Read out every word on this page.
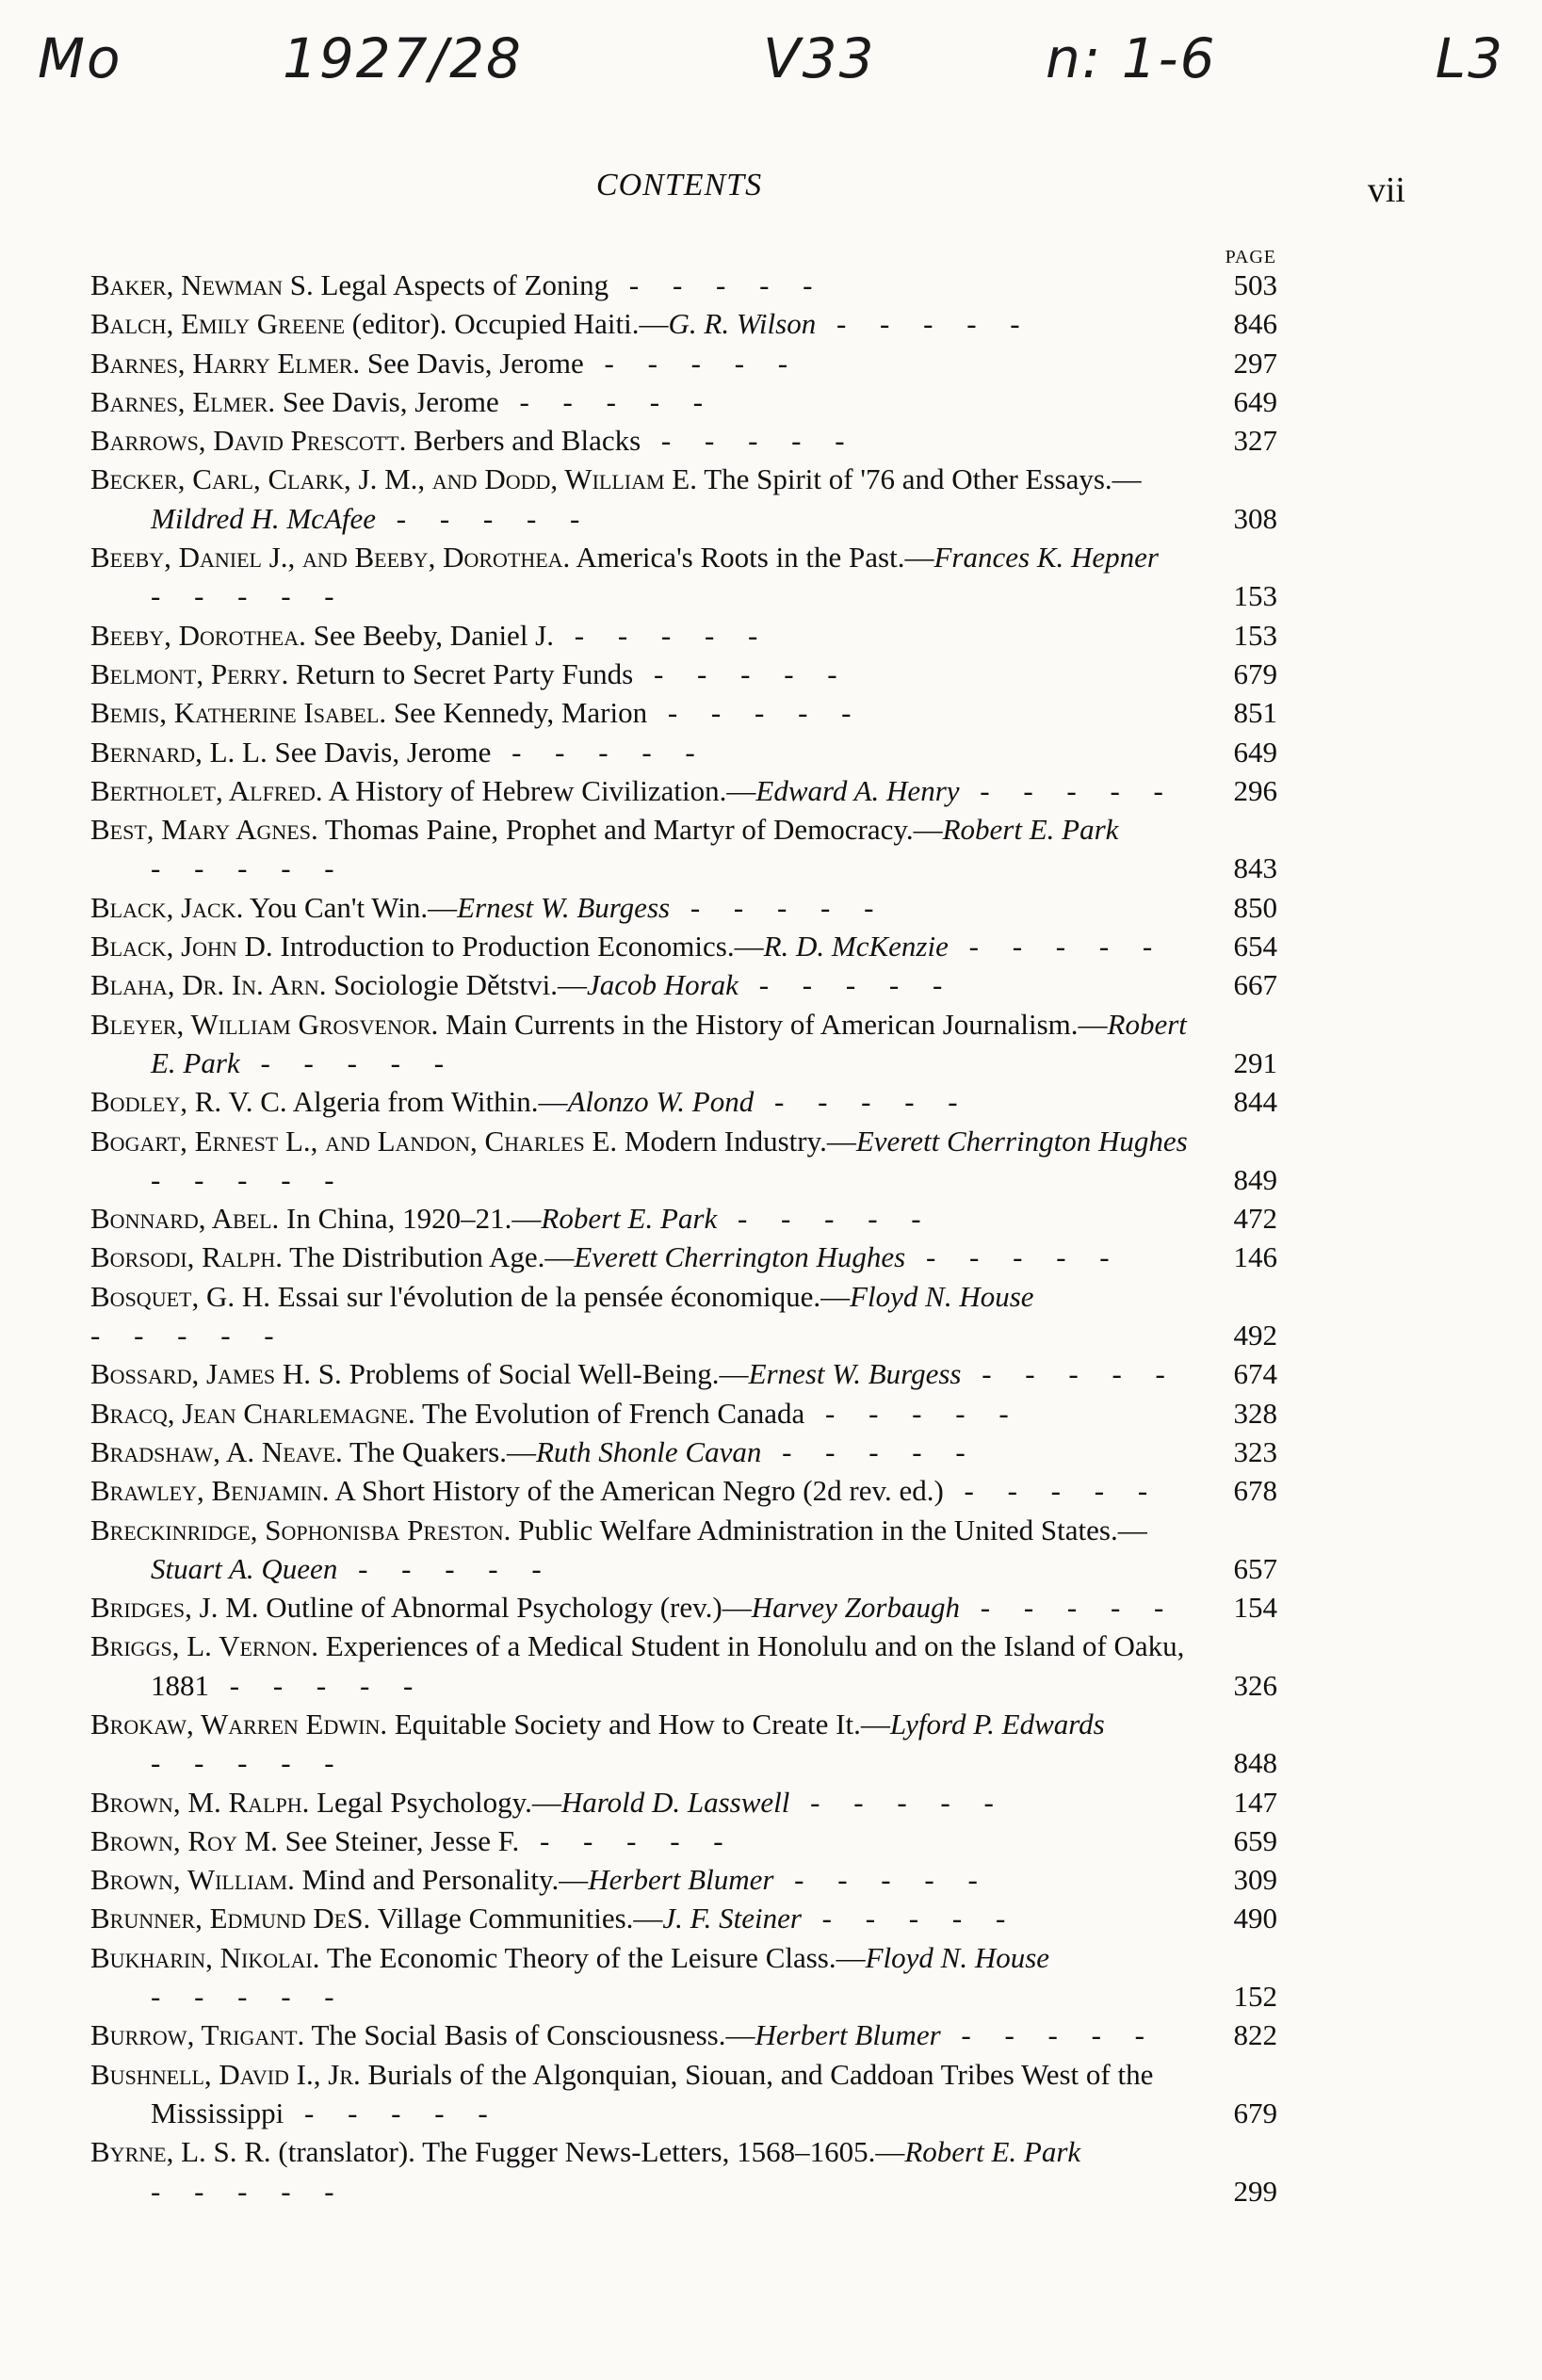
Mo	1927/28	V33	n: 1-6	L3
CONTENTS	vii
PAGE
Baker, Newman S. Legal Aspects of Zoning - - - - -	503
Balch, Emily Greene (editor). Occupied Haiti.—G. R. Wilson - - - - -	846
Barnes, Harry Elmer. See Davis, Jerome - - - - -	297
Barnes, Elmer. See Davis, Jerome - - - - -	649
Barrows, David Prescott. Berbers and Blacks - - - - -	327
Becker, Carl, Clark, J. M., and Dodd, William E. The Spirit of '76 and Other Essays.—Mildred H. McAfee - - - - -	308
Beeby, Daniel J., and Beeby, Dorothea. America's Roots in the Past.—Frances K. Hepner - - - - -	153
Beeby, Dorothea. See Beeby, Daniel J. - - - - -	153
Belmont, Perry. Return to Secret Party Funds - - - - -	679
Bemis, Katherine Isabel. See Kennedy, Marion - - - - -	851
Bernard, L. L. See Davis, Jerome - - - - -	649
Bertholet, Alfred. A History of Hebrew Civilization.—Edward A. Henry - - - - -	296
Best, Mary Agnes. Thomas Paine, Prophet and Martyr of Democracy.—Robert E. Park - - - - -	843
Black, Jack. You Can't Win.—Ernest W. Burgess - - - - -	850
Black, John D. Introduction to Production Economics.—R. D. McKenzie - - - - -	654
Blaha, Dr. In. Arn. Sociologie Dětstvi.—Jacob Horak - - - - -	667
Bleyer, William Grosvenor. Main Currents in the History of American Journalism.—Robert E. Park - - - - -	291
Bodley, R. V. C. Algeria from Within.—Alonzo W. Pond - - - - -	844
Bogart, Ernest L., and Landon, Charles E. Modern Industry.—Everett Cherrington Hughes - - - - -	849
Bonnard, Abel. In China, 1920–21.—Robert E. Park - - - - -	472
Borsodi, Ralph. The Distribution Age.—Everett Cherrington Hughes - - - - -	146
Bosquet, G. H. Essai sur l'évolution de la pensée économique.—Floyd N. House - - - - -	492
Bossard, James H. S. Problems of Social Well-Being.—Ernest W. Burgess - - - - -	674
Bracq, Jean Charlemagne. The Evolution of French Canada - - - - -	328
Bradshaw, A. Neave. The Quakers.—Ruth Shonle Cavan - - - - -	323
Brawley, Benjamin. A Short History of the American Negro (2d rev. ed.) - - - - -	678
Breckinridge, Sophonisba Preston. Public Welfare Administration in the United States.—Stuart A. Queen - - - - -	657
Bridges, J. M. Outline of Abnormal Psychology (rev.)—Harvey Zorbaugh - - - - -	154
Briggs, L. Vernon. Experiences of a Medical Student in Honolulu and on the Island of Oaku, 1881 - - - - -	326
Brokaw, Warren Edwin. Equitable Society and How to Create It.—Lyford P. Edwards - - - - -	848
Brown, M. Ralph. Legal Psychology.—Harold D. Lasswell - - - - -	147
Brown, Roy M. See Steiner, Jesse F. - - - - -	659
Brown, William. Mind and Personality.—Herbert Blumer - - - - -	309
Brunner, Edmund DeS. Village Communities.—J. F. Steiner - - - - -	490
Bukharin, Nikolai. The Economic Theory of the Leisure Class.—Floyd N. House - - - - -	152
Burrow, Trigant. The Social Basis of Consciousness.—Herbert Blumer - - - - -	822
Bushnell, David I., Jr. Burials of the Algonquian, Siouan, and Caddoan Tribes West of the Mississippi - - - - -	679
Byrne, L. S. R. (translator). The Fugger News-Letters, 1568–1605.—Robert E. Park - - - - -	299
